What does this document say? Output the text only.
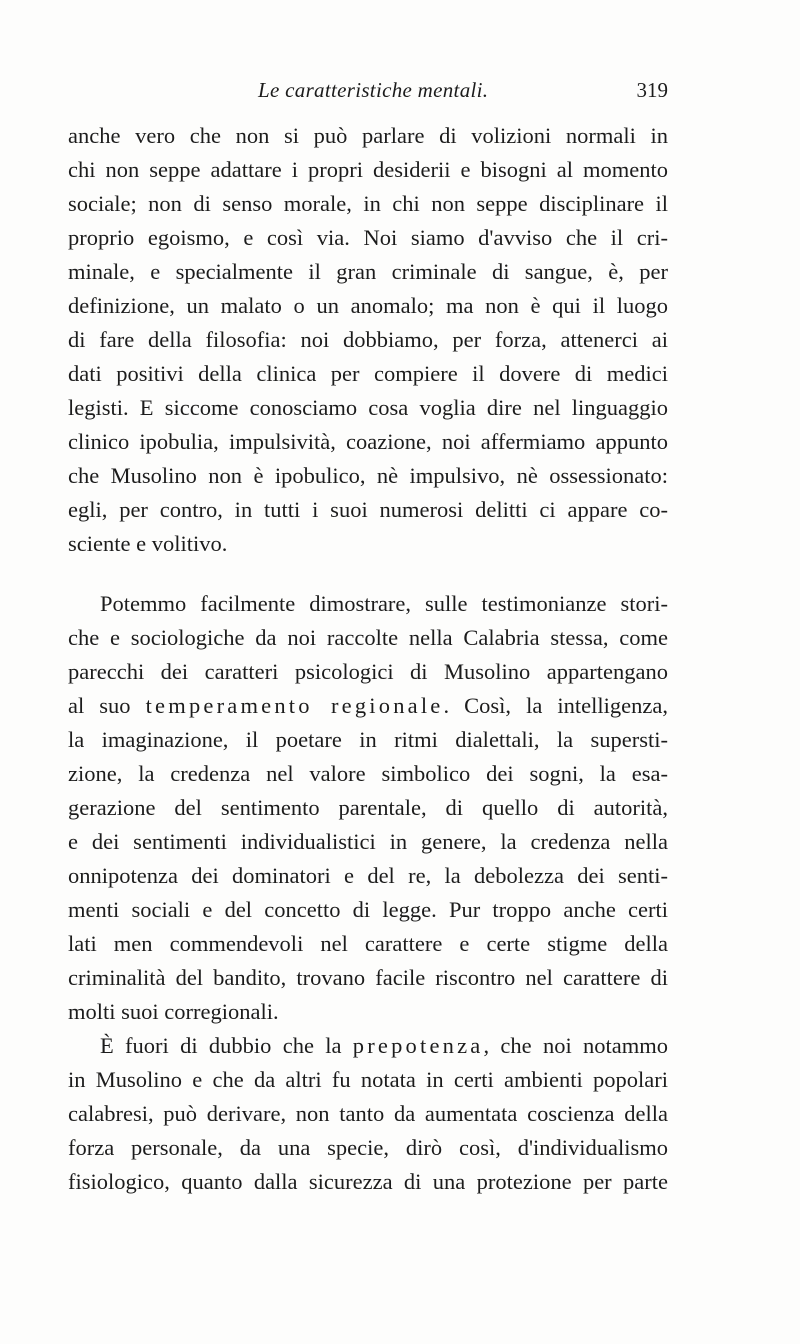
Le caratteristiche mentali.	319
anche vero che non si può parlare di volizioni normali in
chi non seppe adattare i propri desiderii e bisogni al momento
sociale; non di senso morale, in chi non seppe disciplinare il
proprio egoismo, e così via. Noi siamo d'avviso che il cri-
minale, e specialmente il gran criminale di sangue, è, per
definizione, un malato o un anomalo; ma non è qui il luogo
di fare della filosofia: noi dobbiamo, per forza, attenerci ai
dati positivi della clinica per compiere il dovere di medici
legisti. E siccome conosciamo cosa voglia dire nel linguaggio
clinico ipobulia, impulsività, coazione, noi affermiamo appunto
che Musolino non è ipobulico, nè impulsivo, nè ossessionato:
egli, per contro, in tutti i suoi numerosi delitti ci appare co-
sciente e volitivo.
Potemmo facilmente dimostrare, sulle testimonianze stori-
che e sociologiche da noi raccolte nella Calabria stessa, come
parecchi dei caratteri psicologici di Musolino appartengano
al suo temperamento regionale. Così, la intelligenza,
la imaginazione, il poetare in ritmi dialettali, la supersti-
zione, la credenza nel valore simbolico dei sogni, la esa-
gerazione del sentimento parentale, di quello di autorità,
e dei sentimenti individualistici in genere, la credenza nella
onnipotenza dei dominatori e del re, la debolezza dei senti-
menti sociali e del concetto di legge. Pur troppo anche certi
lati men commendevoli nel carattere e certe stigme della
criminalità del bandito, trovano facile riscontro nel carattere di
molti suoi corregionali.
È fuori di dubbio che la prepotenza, che noi notammo
in Musolino e che da altri fu notata in certi ambienti popolari
calabresi, può derivare, non tanto da aumentata coscienza della
forza personale, da una specie, dirò così, d'individualismo
fisiologico, quanto dalla sicurezza di una protezione per parte
